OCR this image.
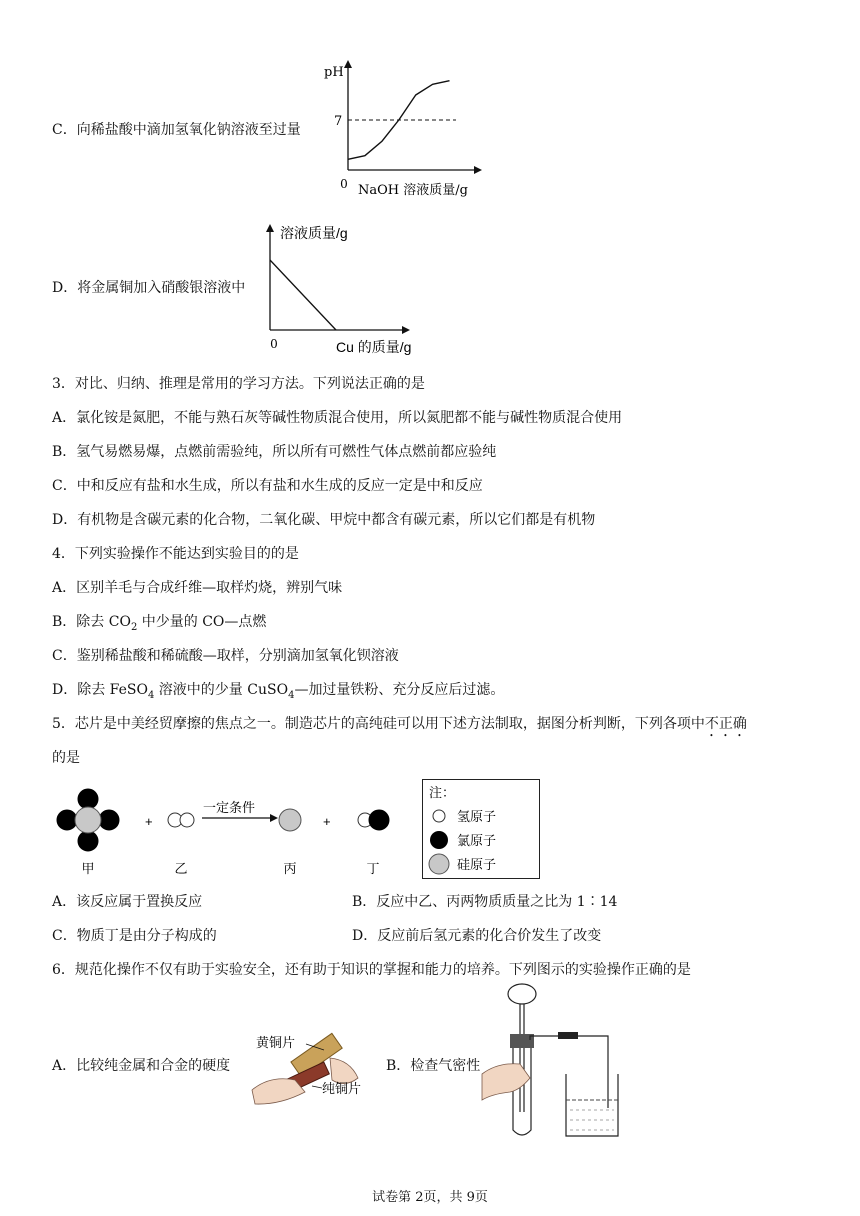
C．向稀盐酸中滴加氢氧化钠溶液至过量
pH
0 NaOH 溶液质量/g
7
D．将金属铜加入硝酸银溶液中
溶液质量/g
0	Cu 的质量/g
3．对比、归纳、推理是常用的学习方法。下列说法正确的是
A．氯化铵是氮肥，不能与熟石灰等碱性物质混合使用，所以氮肥都不能与碱性物质混合使用
B．氢气易燃易爆，点燃前需验纯，所以所有可燃性气体点燃前都应验纯
C．中和反应有盐和水生成，所以有盐和水生成的反应一定是中和反应
D．有机物是含碳元素的化合物，二氧化碳、甲烷中都含有碳元素，所以它们都是有机物
4．下列实验操作不能达到实验目的的是
A．区别羊毛与合成纤维—取样灼烧，辨别气味
B．除去 $CO_2$ 中少量的 CO—点燃
C．鉴别稀盐酸和稀硫酸—取样，分别滴加氢氧化钡溶液
D．除去 FeSO$_4$ 溶液中的少量 CuSO$_4$—加过量铁粉、充分反应后过滤。
5．芯片是中美经贸摩擦的焦点之一。制造芯片的高纯硅可以用下述方法制取，据图分析判断，下列各项中不正确
的是
+
一定条件
+
甲	乙	丙	丁
注：
氢原子
氯原子
硅原子
A．该反应属于置换反应	B．反应中乙、丙两物质质量之比为 1∶14
C．物质丁是由分子构成的	D．反应前后氢元素的化合价发生了改变
6．规范化操作不仅有助于实验安全，还有助于知识的掌握和能力的培养。下列图示的实验操作正确的是
A．比较纯金属和合金的硬度
黄铜片
纯铜片
B．检查气密性
试卷第 2页，共 9页
